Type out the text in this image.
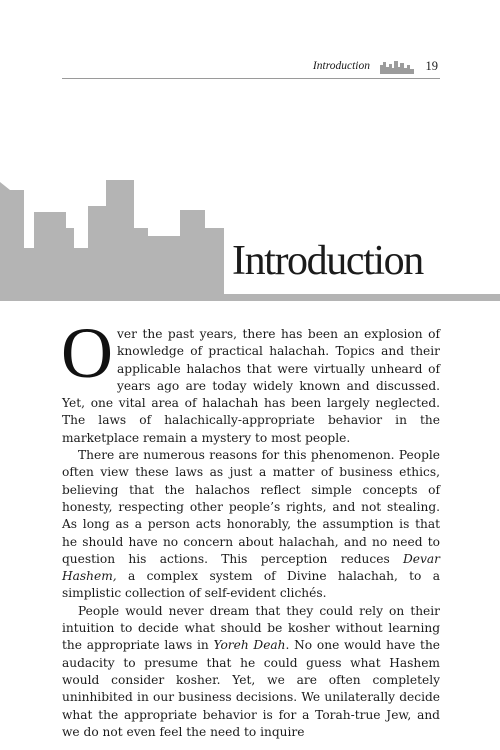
Introduction	19
Introduction
O ver the past years, there has been an explosion of knowledge of practical halachah. Topics and their applicable halachos that were virtually unheard of years ago are today widely known and discussed. Yet, one vital area of halachah has been largely neglected. The laws of halachically-appropriate behavior in the marketplace remain a mystery to most people.

There are numerous reasons for this phenomenon. People often view these laws as just a matter of business ethics, believing that the halachos reflect simple concepts of honesty, respecting other people’s rights, and not stealing. As long as a person acts honorably, the assumption is that he should have no concern about halachah, and no need to question his actions. This perception reduces Devar Hashem, a complex system of Divine halachah, to a simplistic collection of self-evident clichés.

People would never dream that they could rely on their intuition to decide what should be kosher without learning the appropriate laws in Yoreh Deah. No one would have the audacity to presume that he could guess what Hashem would consider kosher. Yet, we are often completely uninhibited in our business decisions. We unilaterally decide what the appropriate behavior is for a Torah-true Jew, and we do not even feel the need to inquire
